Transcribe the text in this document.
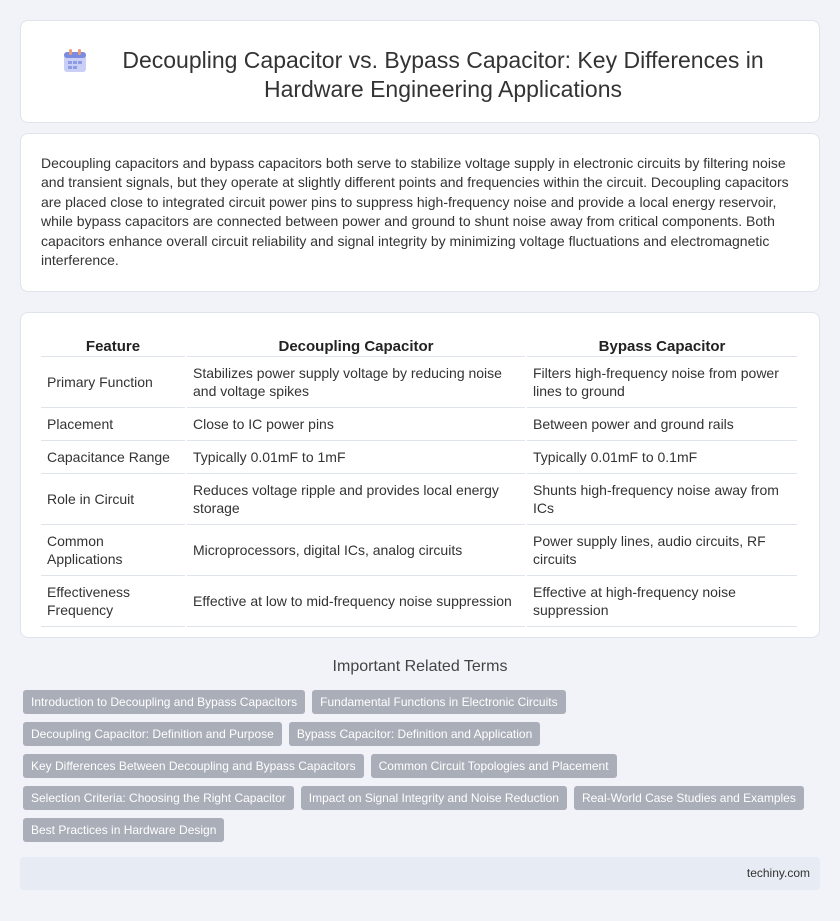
Decoupling Capacitor vs. Bypass Capacitor: Key Differences in Hardware Engineering Applications

Decoupling capacitors and bypass capacitors both serve to stabilize voltage supply in electronic circuits by filtering noise and transient signals, but they operate at slightly different points and frequencies within the circuit. Decoupling capacitors are placed close to integrated circuit power pins to suppress high-frequency noise and provide a local energy reservoir, while bypass capacitors are connected between power and ground to shunt noise away from critical components. Both capacitors enhance overall circuit reliability and signal integrity by minimizing voltage fluctuations and electromagnetic interference.

Feature	Decoupling Capacitor	Bypass Capacitor
Primary Function	Stabilizes power supply voltage by reducing noise and voltage spikes	Filters high-frequency noise from power lines to ground
Placement	Close to IC power pins	Between power and ground rails
Capacitance Range	Typically 0.01mF to 1mF	Typically 0.01mF to 0.1mF
Role in Circuit	Reduces voltage ripple and provides local energy storage	Shunts high-frequency noise away from ICs
Common Applications	Microprocessors, digital ICs, analog circuits	Power supply lines, audio circuits, RF circuits
Effectiveness Frequency	Effective at low to mid-frequency noise suppression	Effective at high-frequency noise suppression
Important Related Terms
Introduction to Decoupling and Bypass Capacitors	Fundamental Functions in Electronic Circuits
Decoupling Capacitor: Definition and Purpose	Bypass Capacitor: Definition and Application
Key Differences Between Decoupling and Bypass Capacitors	Common Circuit Topologies and Placement
Selection Criteria: Choosing the Right Capacitor	Impact on Signal Integrity and Noise Reduction	Real-World Case Studies and Examples
Best Practices in Hardware Design
techiny.com
